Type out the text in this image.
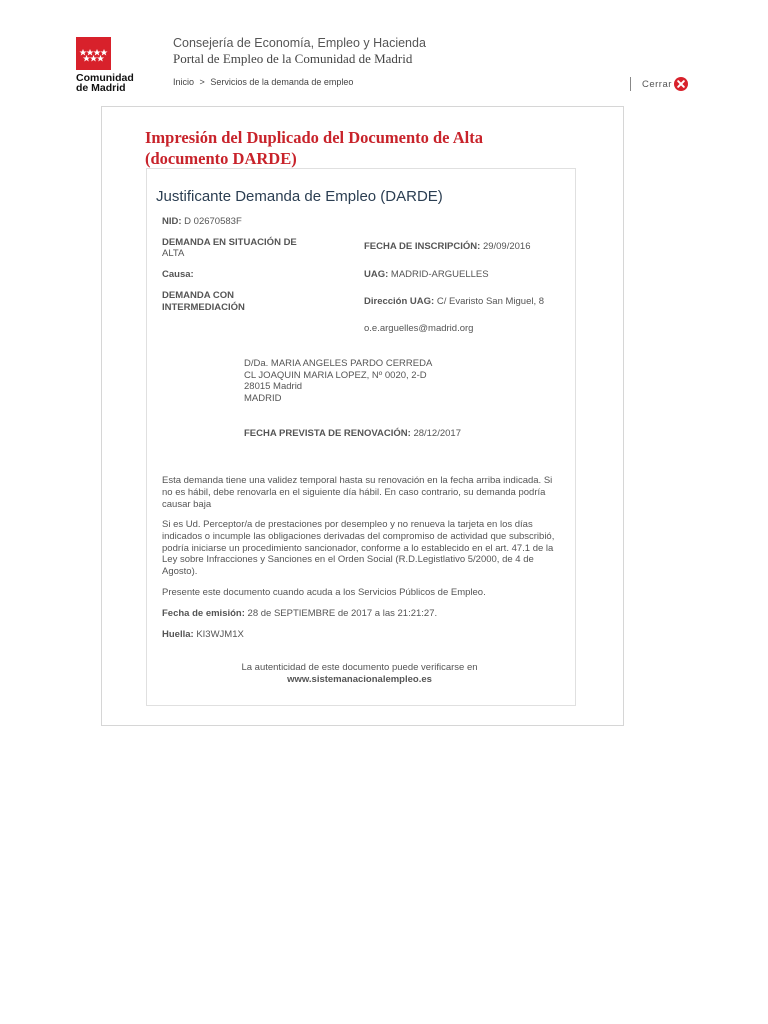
Comunidad
de Madrid
Consejería de Economía, Empleo y Hacienda
Portal de Empleo de la Comunidad de Madrid
Inicio > Servicios de la demanda de empleo	Cerrar
Impresión del Duplicado del Documento de Alta (documento DARDE)
Justificante Demanda de Empleo (DARDE)
NID: D 02670583F
DEMANDA EN SITUACIÓN DE
ALTA
Causa:
DEMANDA CON
INTERMEDIACIÓN
FECHA DE INSCRIPCIÓN: 29/09/2016
UAG: MADRID-ARGUELLES
Dirección UAG: C/ Evaristo San Miguel, 8
o.e.arguelles@madrid.org
D/Da. MARIA ANGELES PARDO CERREDA
CL JOAQUIN MARIA LOPEZ, Nº 0020, 2-D
28015 Madrid
MADRID
FECHA PREVISTA DE RENOVACIÓN: 28/12/2017
Esta demanda tiene una validez temporal hasta su renovación en la fecha arriba indicada. Si no es hábil, debe renovarla en el siguiente día hábil. En caso contrario, su demanda podría causar baja
Si es Ud. Perceptor/a de prestaciones por desempleo y no renueva la tarjeta en los días indicados o incumple las obligaciones derivadas del compromiso de actividad que subscribió, podría iniciarse un procedimiento sancionador, conforme a lo establecido en el art. 47.1 de la Ley sobre Infracciones y Sanciones en el Orden Social (R.D.Legistlativo 5/2000, de 4 de Agosto).
Presente este documento cuando acuda a los Servicios Públicos de Empleo.
Fecha de emisión: 28 de SEPTIEMBRE de 2017 a las 21:21:27.
Huella: KI3WJM1X
La autenticidad de este documento puede verificarse en
www.sistemanacionalempleo.es
